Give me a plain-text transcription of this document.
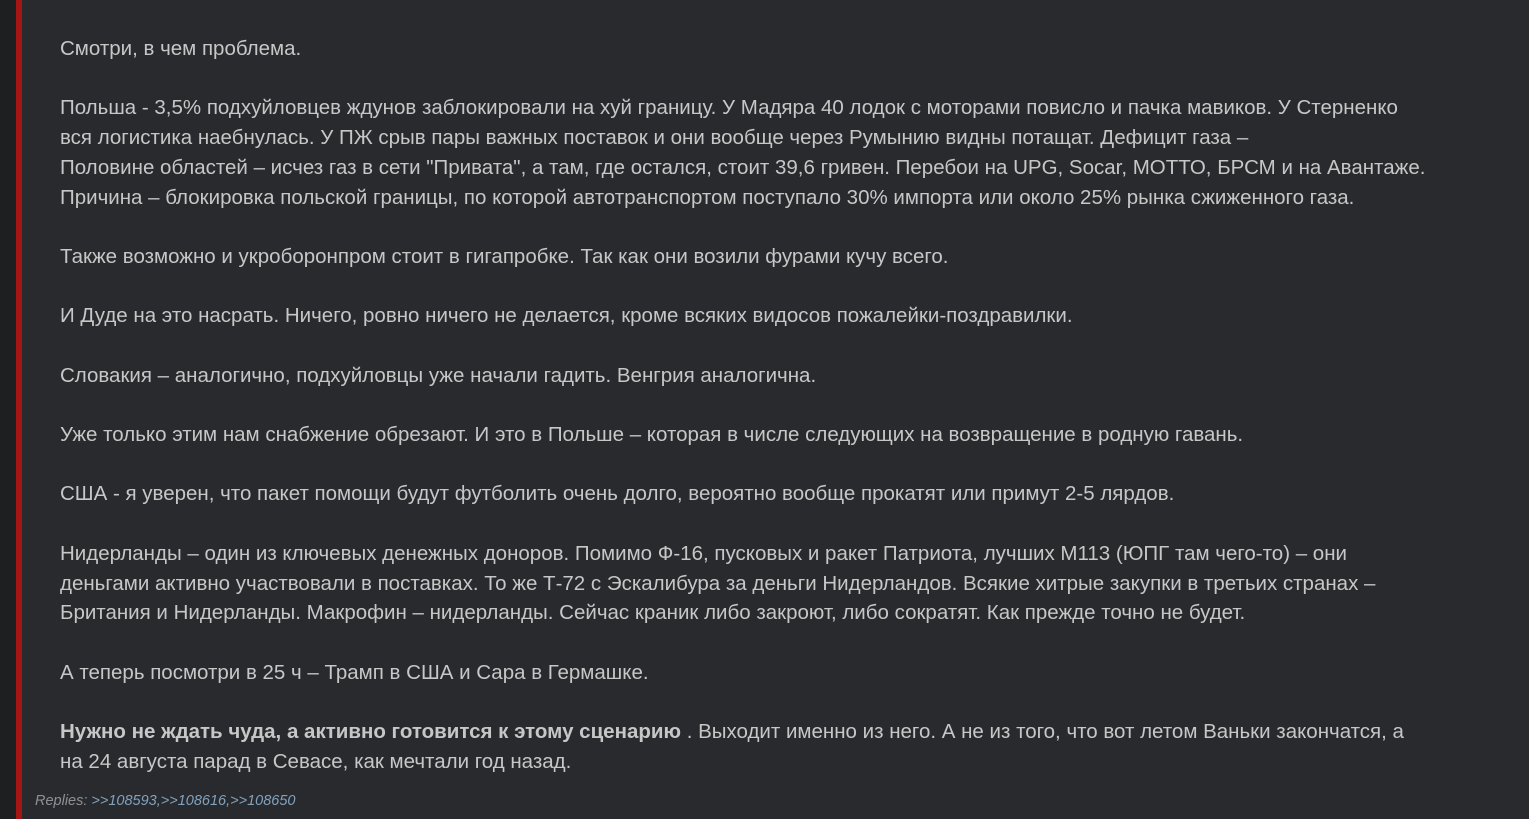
Смотри, в чем проблема.

Польша - 3,5% подхуйловцев ждунов заблокировали на хуй границу. У Мадяра 40 лодок с моторами повисло и пачка мавиков. У Стерненко
вся логистика наебнулась. У ПЖ срыв пары важных поставок и они вообще через Румынию видны потащат. Дефицит газа –
Половине областей – исчез газ в сети "Привата", а там, где остался, стоит 39,6 гривен. Перебои на UPG, Socar, МОТТО, БРСМ и на Авантаже.
Причина – блокировка польской границы, по которой автотранспортом поступало 30% импорта или около 25% рынка сжиженного газа.

Также возможно и укроборонпром стоит в гигапробке. Так как они возили фурами кучу всего.

И Дуде на это насрать. Ничего, ровно ничего не делается, кроме всяких видосов пожалейки-поздравилки.

Словакия – аналогично, подхуйловцы уже начали гадить. Венгрия аналогична.

Уже только этим нам снабжение обрезают. И это в Польше – которая в числе следующих на возвращение в родную гавань.

США - я уверен, что пакет помощи будут футболить очень долго, вероятно вообще прокатят или примут 2-5 лярдов.

Нидерланды – один из ключевых денежных доноров. Помимо Ф-16, пусковых и ракет Патриота, лучших М113 (ЮПГ там чего-то) – они
деньгами активно участвовали в поставках. То же Т-72 с Эскалибура за деньги Нидерландов. Всякие хитрые закупки в третьих странах –
Британия и Нидерланды. Макрофин – нидерланды. Сейчас краник либо закроют, либо сократят. Как прежде точно не будет.

А теперь посмотри в 25 ч – Трамп в США и Сара в Гермашке.

Нужно не ждать чуда, а активно готовится к этому сценарию . Выходит именно из него. А не из того, что вот летом Ваньки закончатся, а
на 24 августа парад в Севасе, как мечтали год назад.

Replies: >>108593,>>108616,>>108650
